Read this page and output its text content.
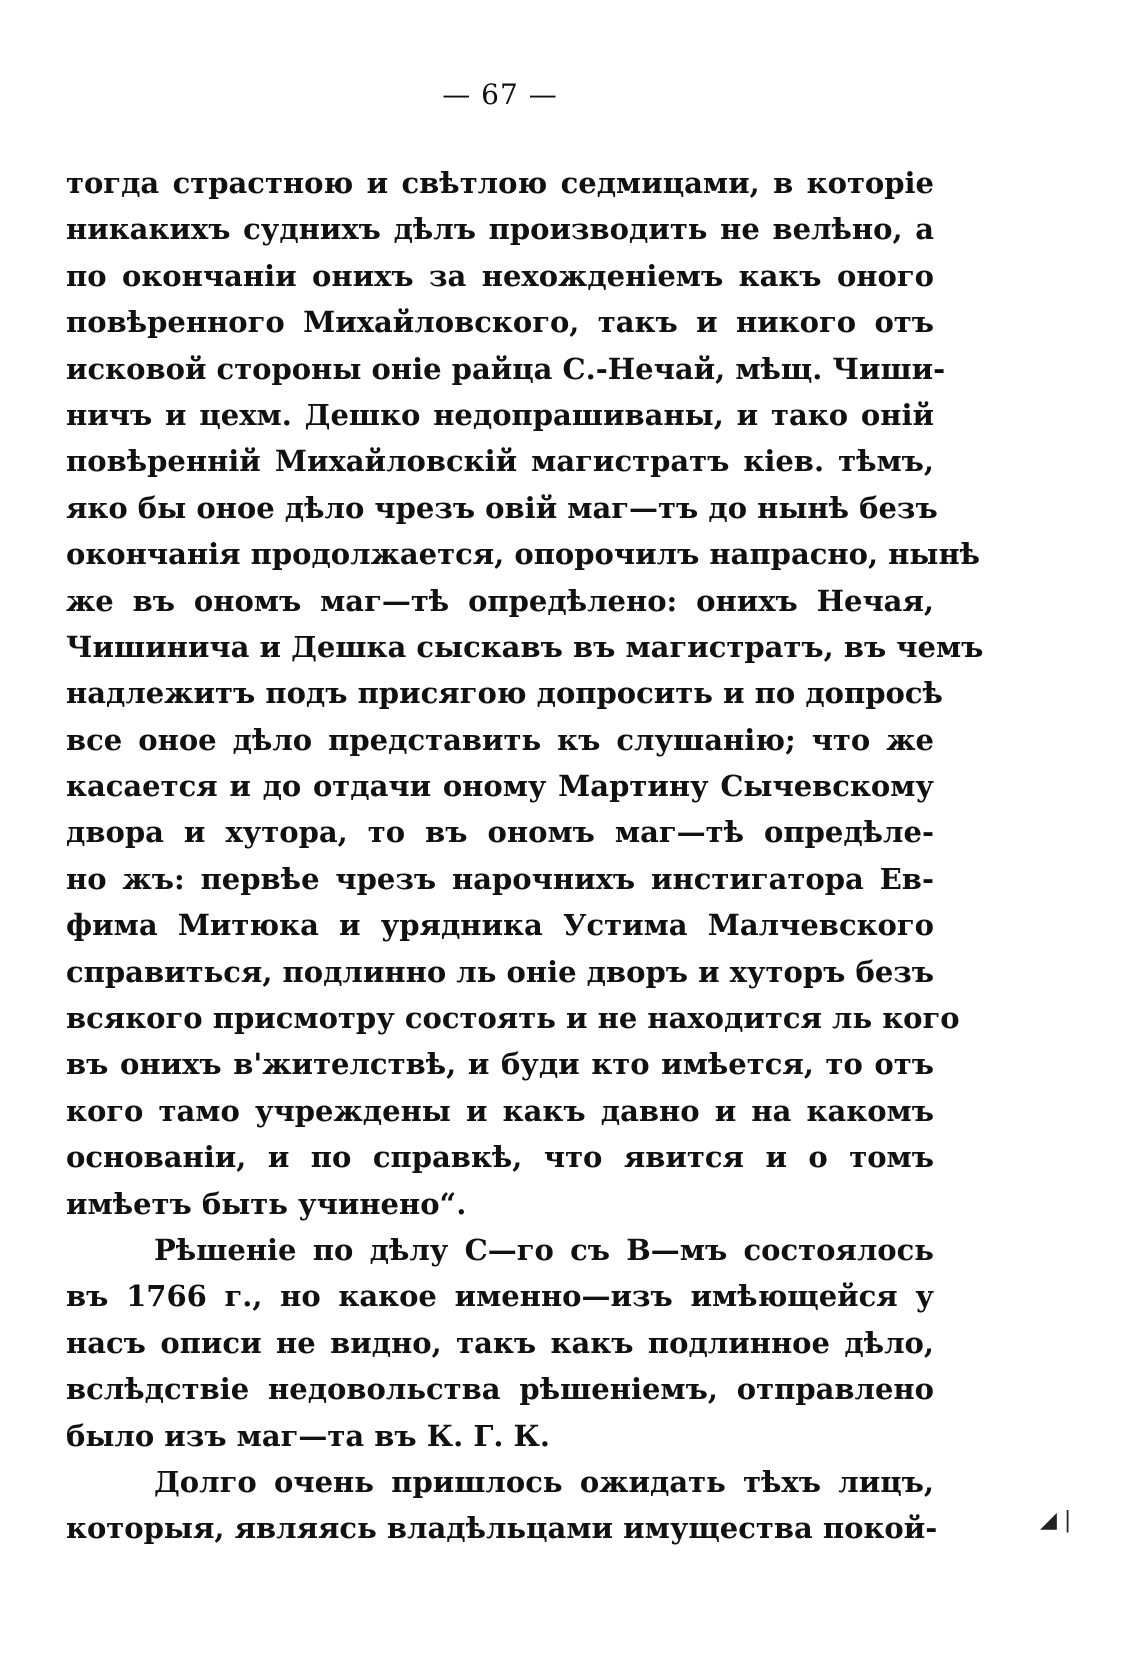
— 67 —
тогда страстною и свѣтлою седмицами, в которіе
никакихъ суднихъ дѣлъ производить не велѣно, а
по окончаніи онихъ за нехожденіемъ какъ оного
повѣренного Михайловского, такъ и никого отъ
исковой стороны оніе райца С.-Нечай, мѣщ. Чиши-
ничъ и цехм. Дешко недопрашиваны, и тако оній
повѣренній Михайловскій магистратъ кіев. тѣмъ,
яко бы оное дѣло чрезъ овій маг—тъ до нынѣ безъ
окончанія продолжается, опорочилъ напрасно, нынѣ
же въ ономъ маг—тѣ опредѣлено: онихъ Нечая,
Чишинича и Дешка сыскавъ въ магистратъ, въ чемъ
надлежитъ подъ присягою допросить и по допросѣ
все оное дѣло представить къ слушанію; что же
касается и до отдачи оному Мартину Сычевскому
двора и хутора, то въ ономъ маг—тѣ опредѣле-
но жъ: первѣе чрезъ нарочнихъ инстигатора Ев-
фима Митюка и урядника Устима Малчевского
справиться, подлинно ль оніе дворъ и хуторъ безъ
всякого присмотру состоять и не находится ль кого
въ онихъ в'жителствѣ, и буди кто имѣется, то отъ
кого тамо учреждены и какъ давно и на какомъ
основаніи, и по справкѣ, что явится и о томъ
имѣетъ быть учинено“.
Рѣшеніе по дѣлу С—го съ В—мъ состоялось
въ 1766 г., но какое именно—изъ имѣющейся у
насъ описи не видно, такъ какъ подлинное дѣло,
вслѣдствіе недовольства рѣшеніемъ, отправлено
было изъ маг—та въ К. Г. К.
Долго очень пришлось ожидать тѣхъ лицъ,
которыя, являясь владѣльцами имущества покой-	◢ |
